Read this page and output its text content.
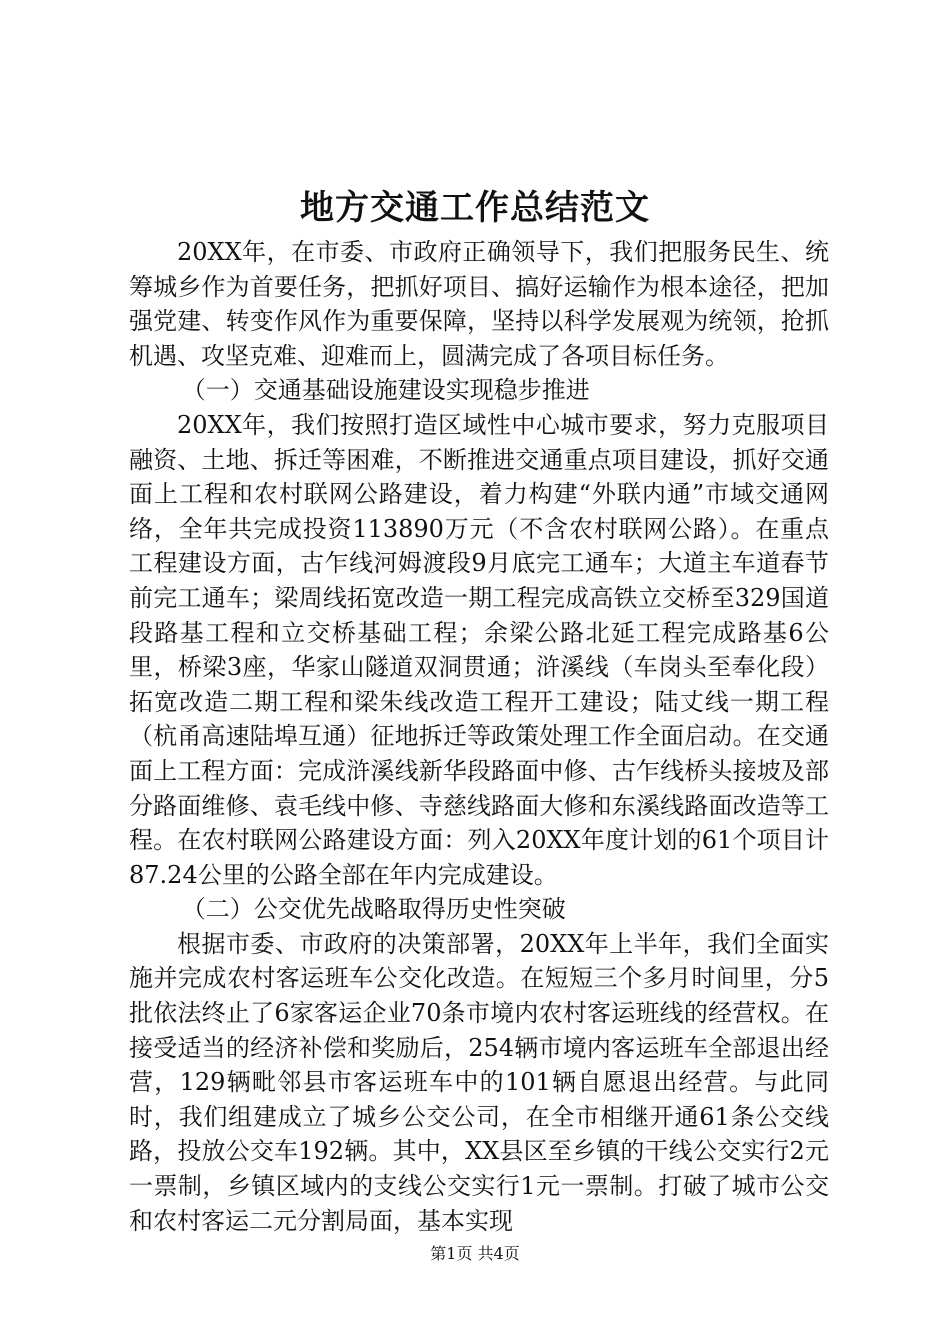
地方交通工作总结范文

20XX年，在市委、市政府正确领导下，我们把服务民生、统筹城乡作为首要任务，把抓好项目、搞好运输作为根本途径，把加强党建、转变作风作为重要保障，坚持以科学发展观为统领，抢抓机遇、攻坚克难、迎难而上，圆满完成了各项目标任务。

（一）交通基础设施建设实现稳步推进

20XX年，我们按照打造区域性中心城市要求，努力克服项目融资、土地、拆迁等困难，不断推进交通重点项目建设，抓好交通面上工程和农村联网公路建设，着力构建“外联内通”市域交通网络，全年共完成投资113890万元（不含农村联网公路）。在重点工程建设方面，古乍线河姆渡段9月底完工通车；大道主车道春节前完工通车；梁周线拓宽改造一期工程完成高铁立交桥至329国道段路基工程和立交桥基础工程；余梁公路北延工程完成路基6公里，桥梁3座，华家山隧道双洞贯通；浒溪线（车岗头至奉化段）拓宽改造二期工程和梁朱线改造工程开工建设；陆丈线一期工程（杭甬高速陆埠互通）征地拆迁等政策处理工作全面启动。在交通面上工程方面：完成浒溪线新华段路面中修、古乍线桥头接坡及部分路面维修、袁毛线中修、寺慈线路面大修和东溪线路面改造等工程。在农村联网公路建设方面：列入20XX年度计划的61个项目计87.24公里的公路全部在年内完成建设。

（二）公交优先战略取得历史性突破

根据市委、市政府的决策部署，20XX年上半年，我们全面实施并完成农村客运班车公交化改造。在短短三个多月时间里，分5批依法终止了6家客运企业70条市境内农村客运班线的经营权。在接受适当的经济补偿和奖励后，254辆市境内客运班车全部退出经营，129辆毗邻县市客运班车中的101辆自愿退出经营。与此同时，我们组建成立了城乡公交公司，在全市相继开通61条公交线路，投放公交车192辆。其中，XX县区至乡镇的干线公交实行2元一票制，乡镇区域内的支线公交实行1元一票制。打破了城市公交和农村客运二元分割局面，基本实现

第1页 共4页
